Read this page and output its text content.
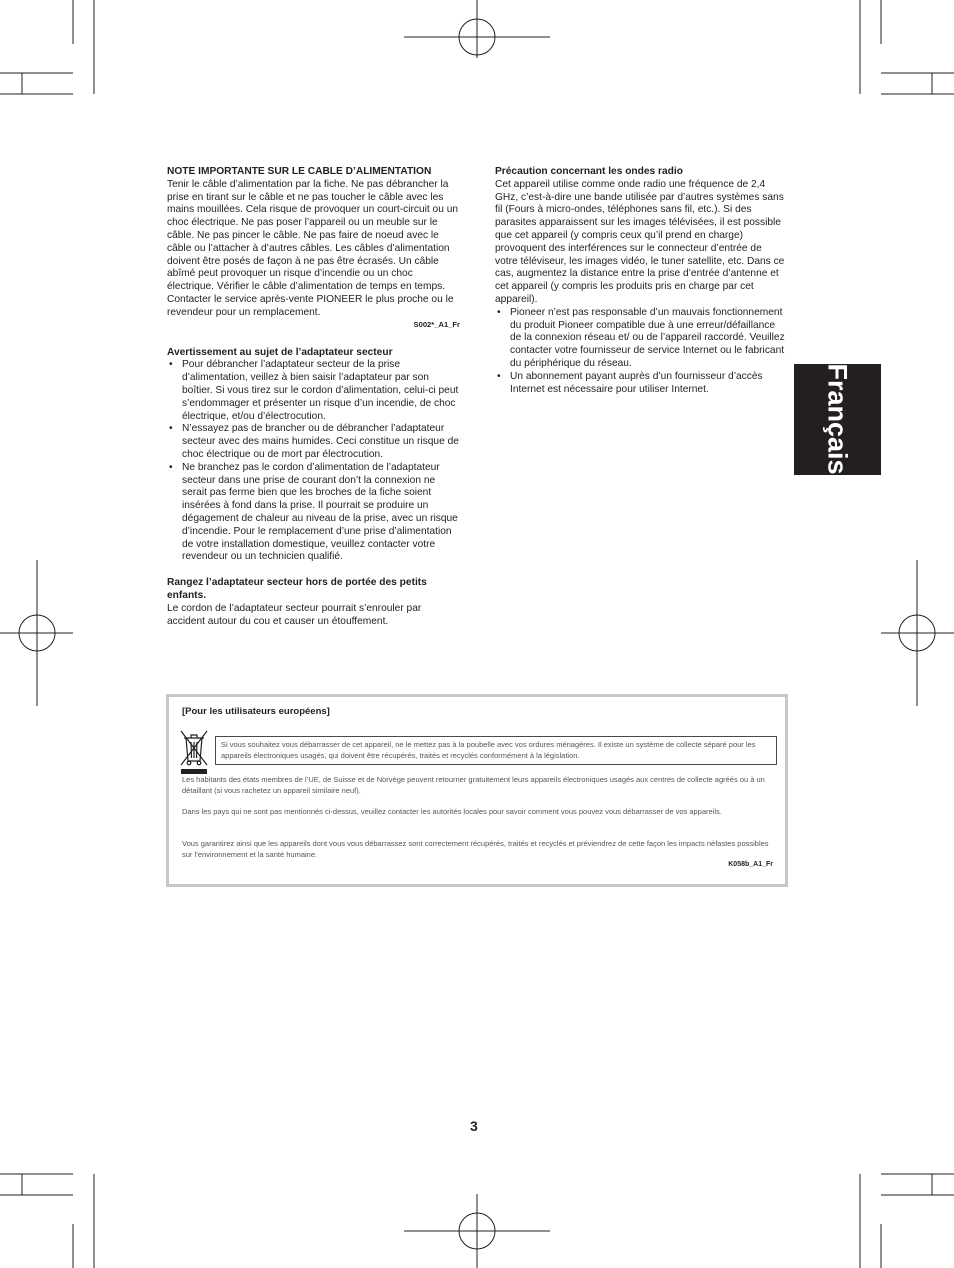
NOTE IMPORTANTE SUR LE CABLE D’ALIMENTATION

Tenir le câble d’alimentation par la fiche. Ne pas débrancher la prise en tirant sur le câble et ne pas toucher le câble avec les mains mouillées. Cela risque de provoquer un court-circuit ou un choc électrique. Ne pas poser l’appareil ou un meuble sur le câble. Ne pas pincer le câble. Ne pas faire de noeud avec le câble ou l’attacher à d’autres câbles. Les câbles d’alimentation doivent être posés de façon à ne pas être écrasés. Un câble abîmé peut provoquer un risque d’incendie ou un choc électrique. Vérifier le câble d’alimentation de temps en temps. Contacter le service après-vente PIONEER le plus proche ou le revendeur pour un remplacement.

S002*_A1_Fr

Avertissement au sujet de l’adaptateur secteur

• Pour débrancher l’adaptateur secteur de la prise d’alimentation, veillez à bien saisir l’adaptateur par son boîtier. Si vous tirez sur le cordon d’alimentation, celui-ci peut s’endommager et présenter un risque d’un incendie, de choc électrique, et/ou d’électrocution.
• N’essayez pas de brancher ou de débrancher l’adaptateur secteur avec des mains humides. Ceci constitue un risque de choc électrique ou de mort par électrocution.
• Ne branchez pas le cordon d’alimentation de l’adaptateur secteur dans une prise de courant don’t la connexion ne serait pas ferme bien que les broches de la fiche soient insérées à fond dans la prise. Il pourrait se produire un dégagement de chaleur au niveau de la prise, avec un risque d’incendie. Pour le remplacement d’une prise d’alimentation de votre installation domestique, veuillez contacter votre revendeur ou un technicien qualifié.

Rangez l’adaptateur secteur hors de portée des petits enfants.

Le cordon de l’adaptateur secteur pourrait s’enrouler par accident autour du cou et causer un étouffement.

Précaution concernant les ondes radio

Cet appareil utilise comme onde radio une fréquence de 2,4 GHz, c’est-à-dire une bande utilisée par d’autres systèmes sans fil (Fours à micro-ondes, téléphones sans fil, etc.). Si des parasites apparaissent sur les images télévisées, il est possible que cet appareil (y compris ceux qu’il prend en charge) provoquent des interférences sur le connecteur d’entrée de votre téléviseur, les images vidéo, le tuner satellite, etc. Dans ce cas, augmentez la distance entre la prise d’entrée d’antenne et cet appareil (y compris les produits pris en charge par cet appareil).

• Pioneer n’est pas responsable d’un mauvais fonctionnement du produit Pioneer compatible due à une erreur/défaillance de la connexion réseau et/ ou de l’appareil raccordé. Veuillez contacter votre fournisseur de service Internet ou le fabricant du périphérique du réseau.
• Un abonnement payant auprès d’un fournisseur d’accès Internet est nécessaire pour utiliser Internet.	Français
[Pour les utilisateurs européens]
Si vous souhaitez vous débarrasser de cet appareil, ne le mettez pas à la poubelle avec vos ordures ménagères. Il existe un système de collecte séparé pour les appareils électroniques usagés, qui doivent être récupérés, traités et recyclés conformément à la législation.

Les habitants des états membres de l’UE, de Suisse et de Norvège peuvent retourner gratuitement leurs appareils électroniques usagés aux centres de collecte agréés ou à un détaillant (si vous rachetez un appareil similaire neuf).

Dans les pays qui ne sont pas mentionnés ci-dessus, veuillez contacter les autorités locales pour savoir comment vous pouvez vous débarrasser de vos appareils.

Vous garantirez ainsi que les appareils dont vous vous débarrassez sont correctement récupérés, traités et recyclés et préviendrez de cette façon les impacts néfastes possibles sur l’environnement et la santé humaine.

K058b_A1_Fr
3
